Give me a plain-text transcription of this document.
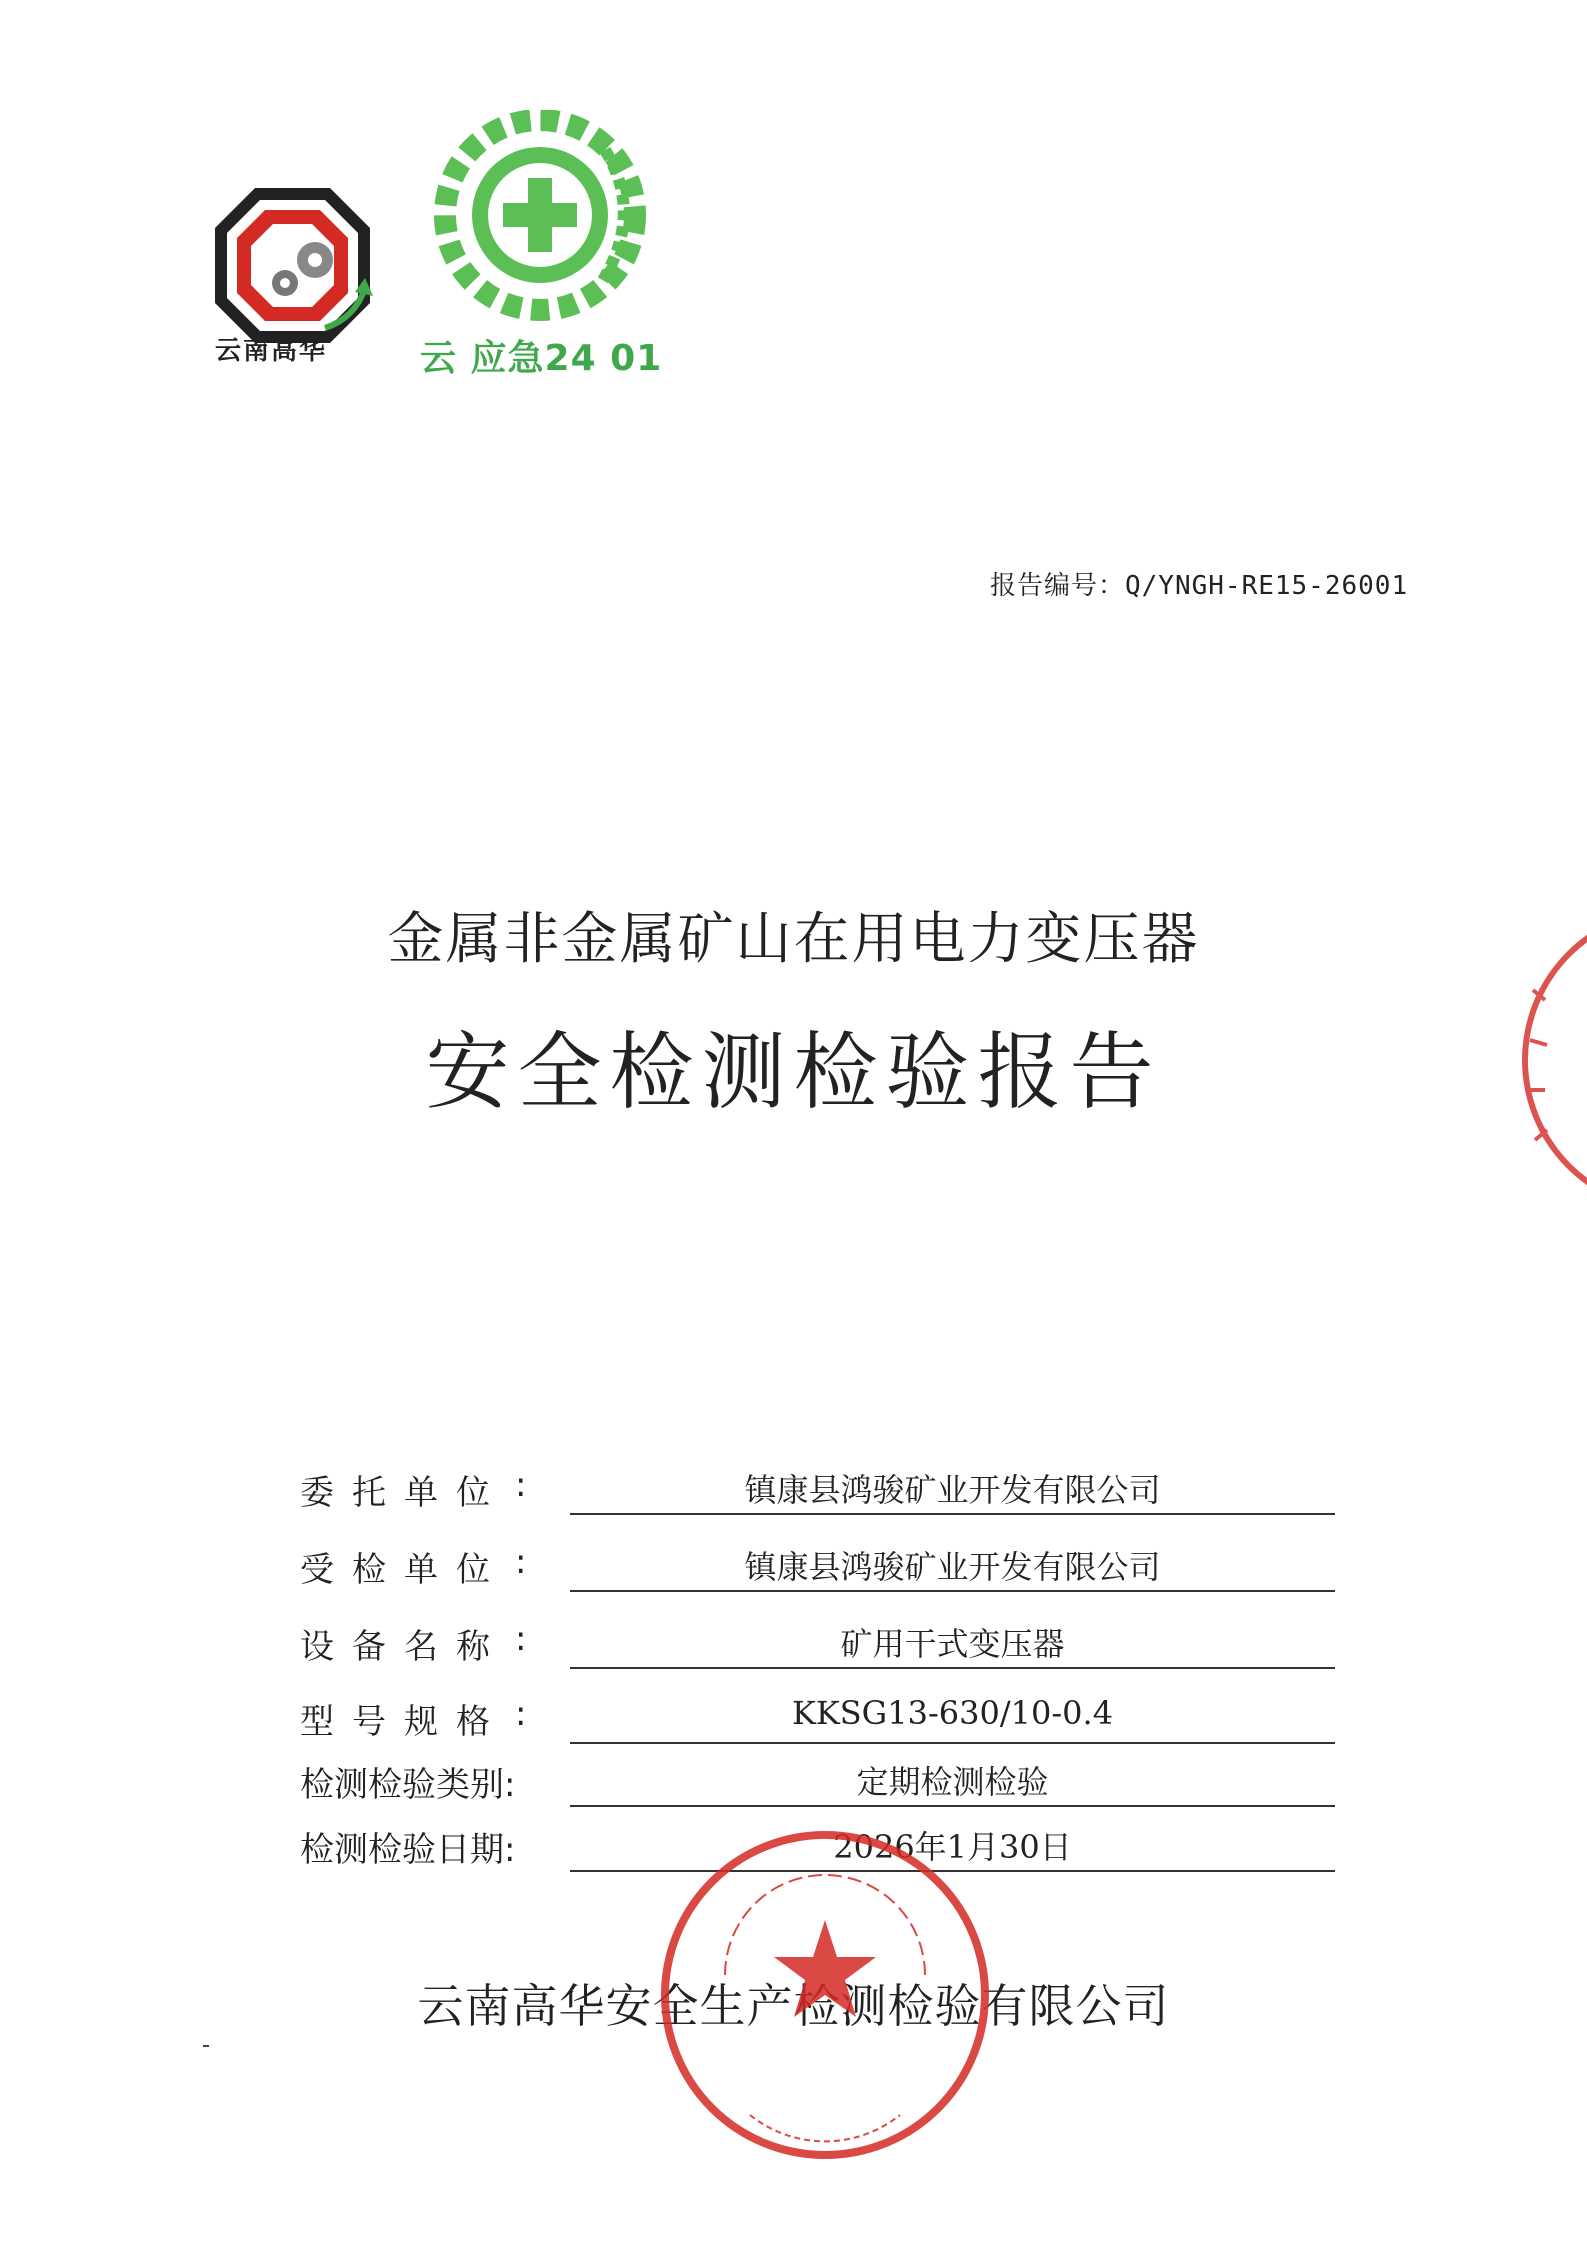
云南高华	云 应急24 01
报告编号：Q/YNGH-RE15-26001
金属非金属矿山在用电力变压器
安全检测检验报告
委托单位 :	镇康县鸿骏矿业开发有限公司
受检单位 :	镇康县鸿骏矿业开发有限公司
设备名称 :	矿用干式变压器
型号规格 :	KKSG13-630/10-0.4
检测检验类别:	定期检测检验
检测检验日期:	2026年1月30日
云南高华安全生产检测检验有限公司
